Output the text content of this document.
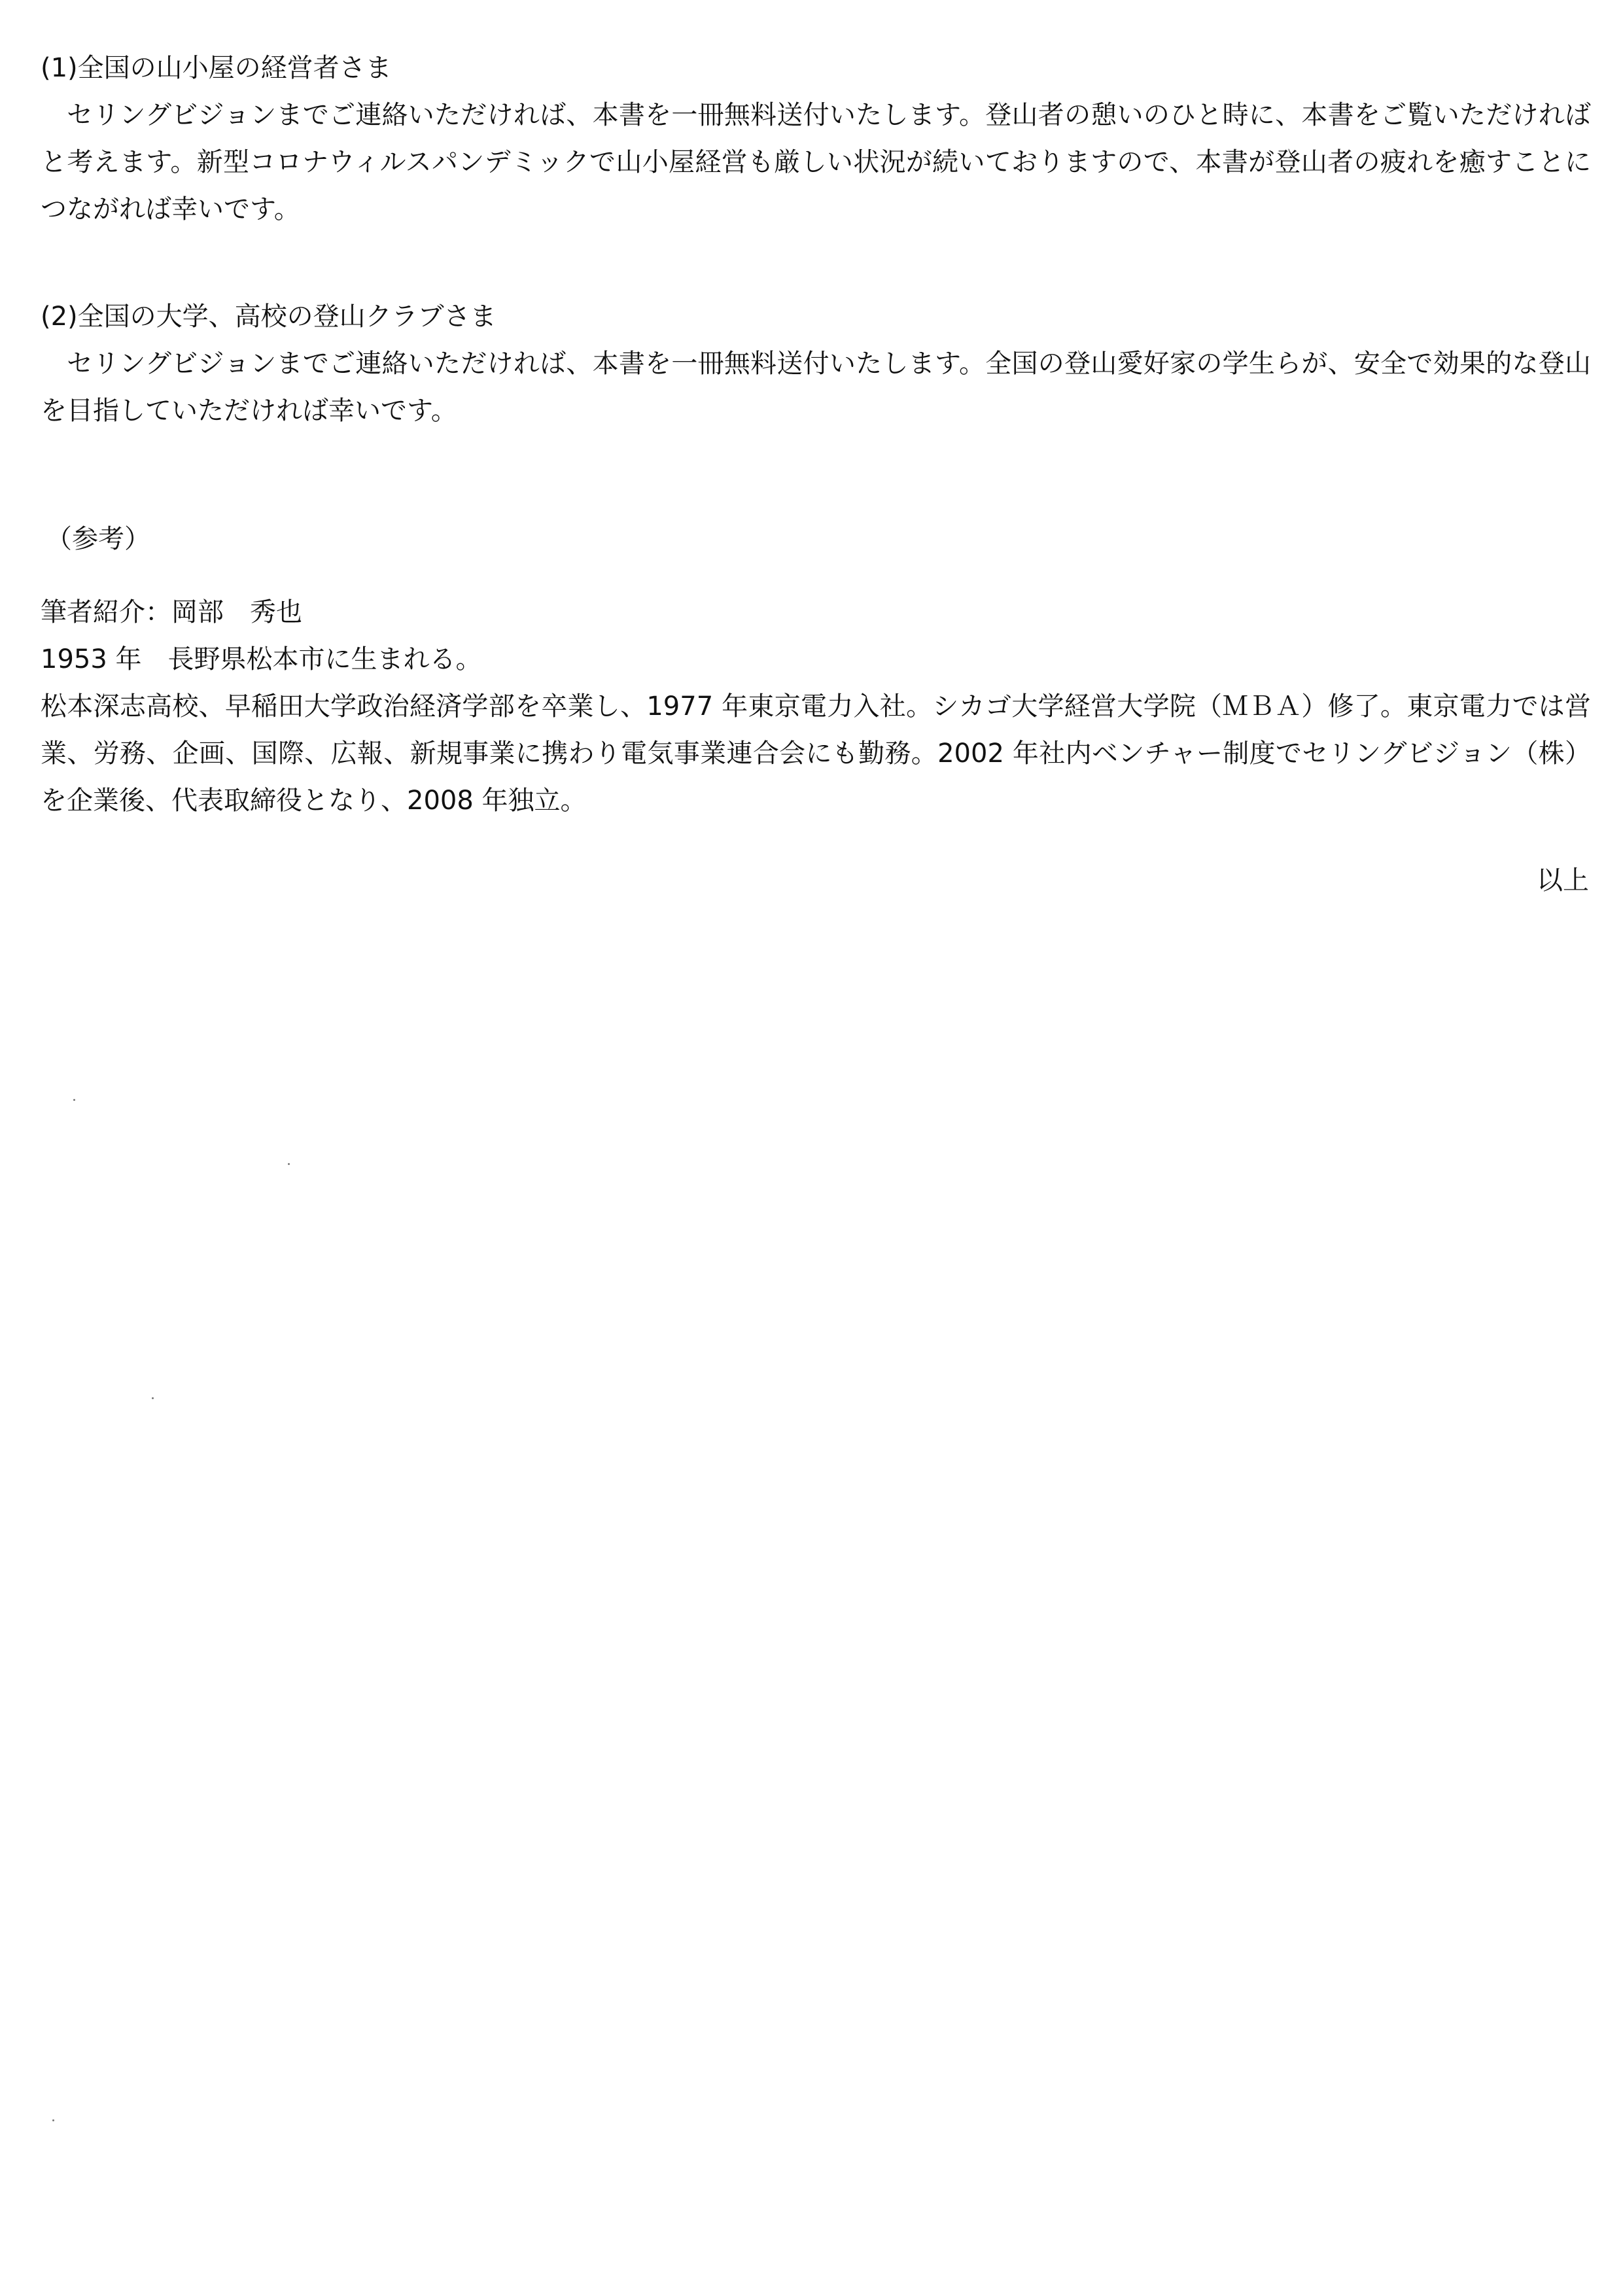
(1)全国の山小屋の経営者さま

セリングビジョンまでご連絡いただければ、本書を一冊無料送付いたします。登山者の憩いのひと時に、本書をご覧いただければと考えます。新型コロナウィルスパンデミックで山小屋経営も厳しい状況が続いておりますので、本書が登山者の疲れを癒すことにつながれば幸いです。

(2)全国の大学、高校の登山クラブさま

セリングビジョンまでご連絡いただければ、本書を一冊無料送付いたします。全国の登山愛好家の学生らが、安全で効果的な登山を目指していただければ幸いです。

（参考）

筆者紹介：岡部　秀也

1953 年　長野県松本市に生まれる。

松本深志高校、早稲田大学政治経済学部を卒業し、1977 年東京電力入社。シカゴ大学経営大学院（ＭＢＡ）修了。東京電力では営業、労務、企画、国際、広報、新規事業に携わり電気事業連合会にも勤務。2002 年社内ベンチャー制度でセリングビジョン（株）を企業後、代表取締役となり、2008 年独立。

以上
